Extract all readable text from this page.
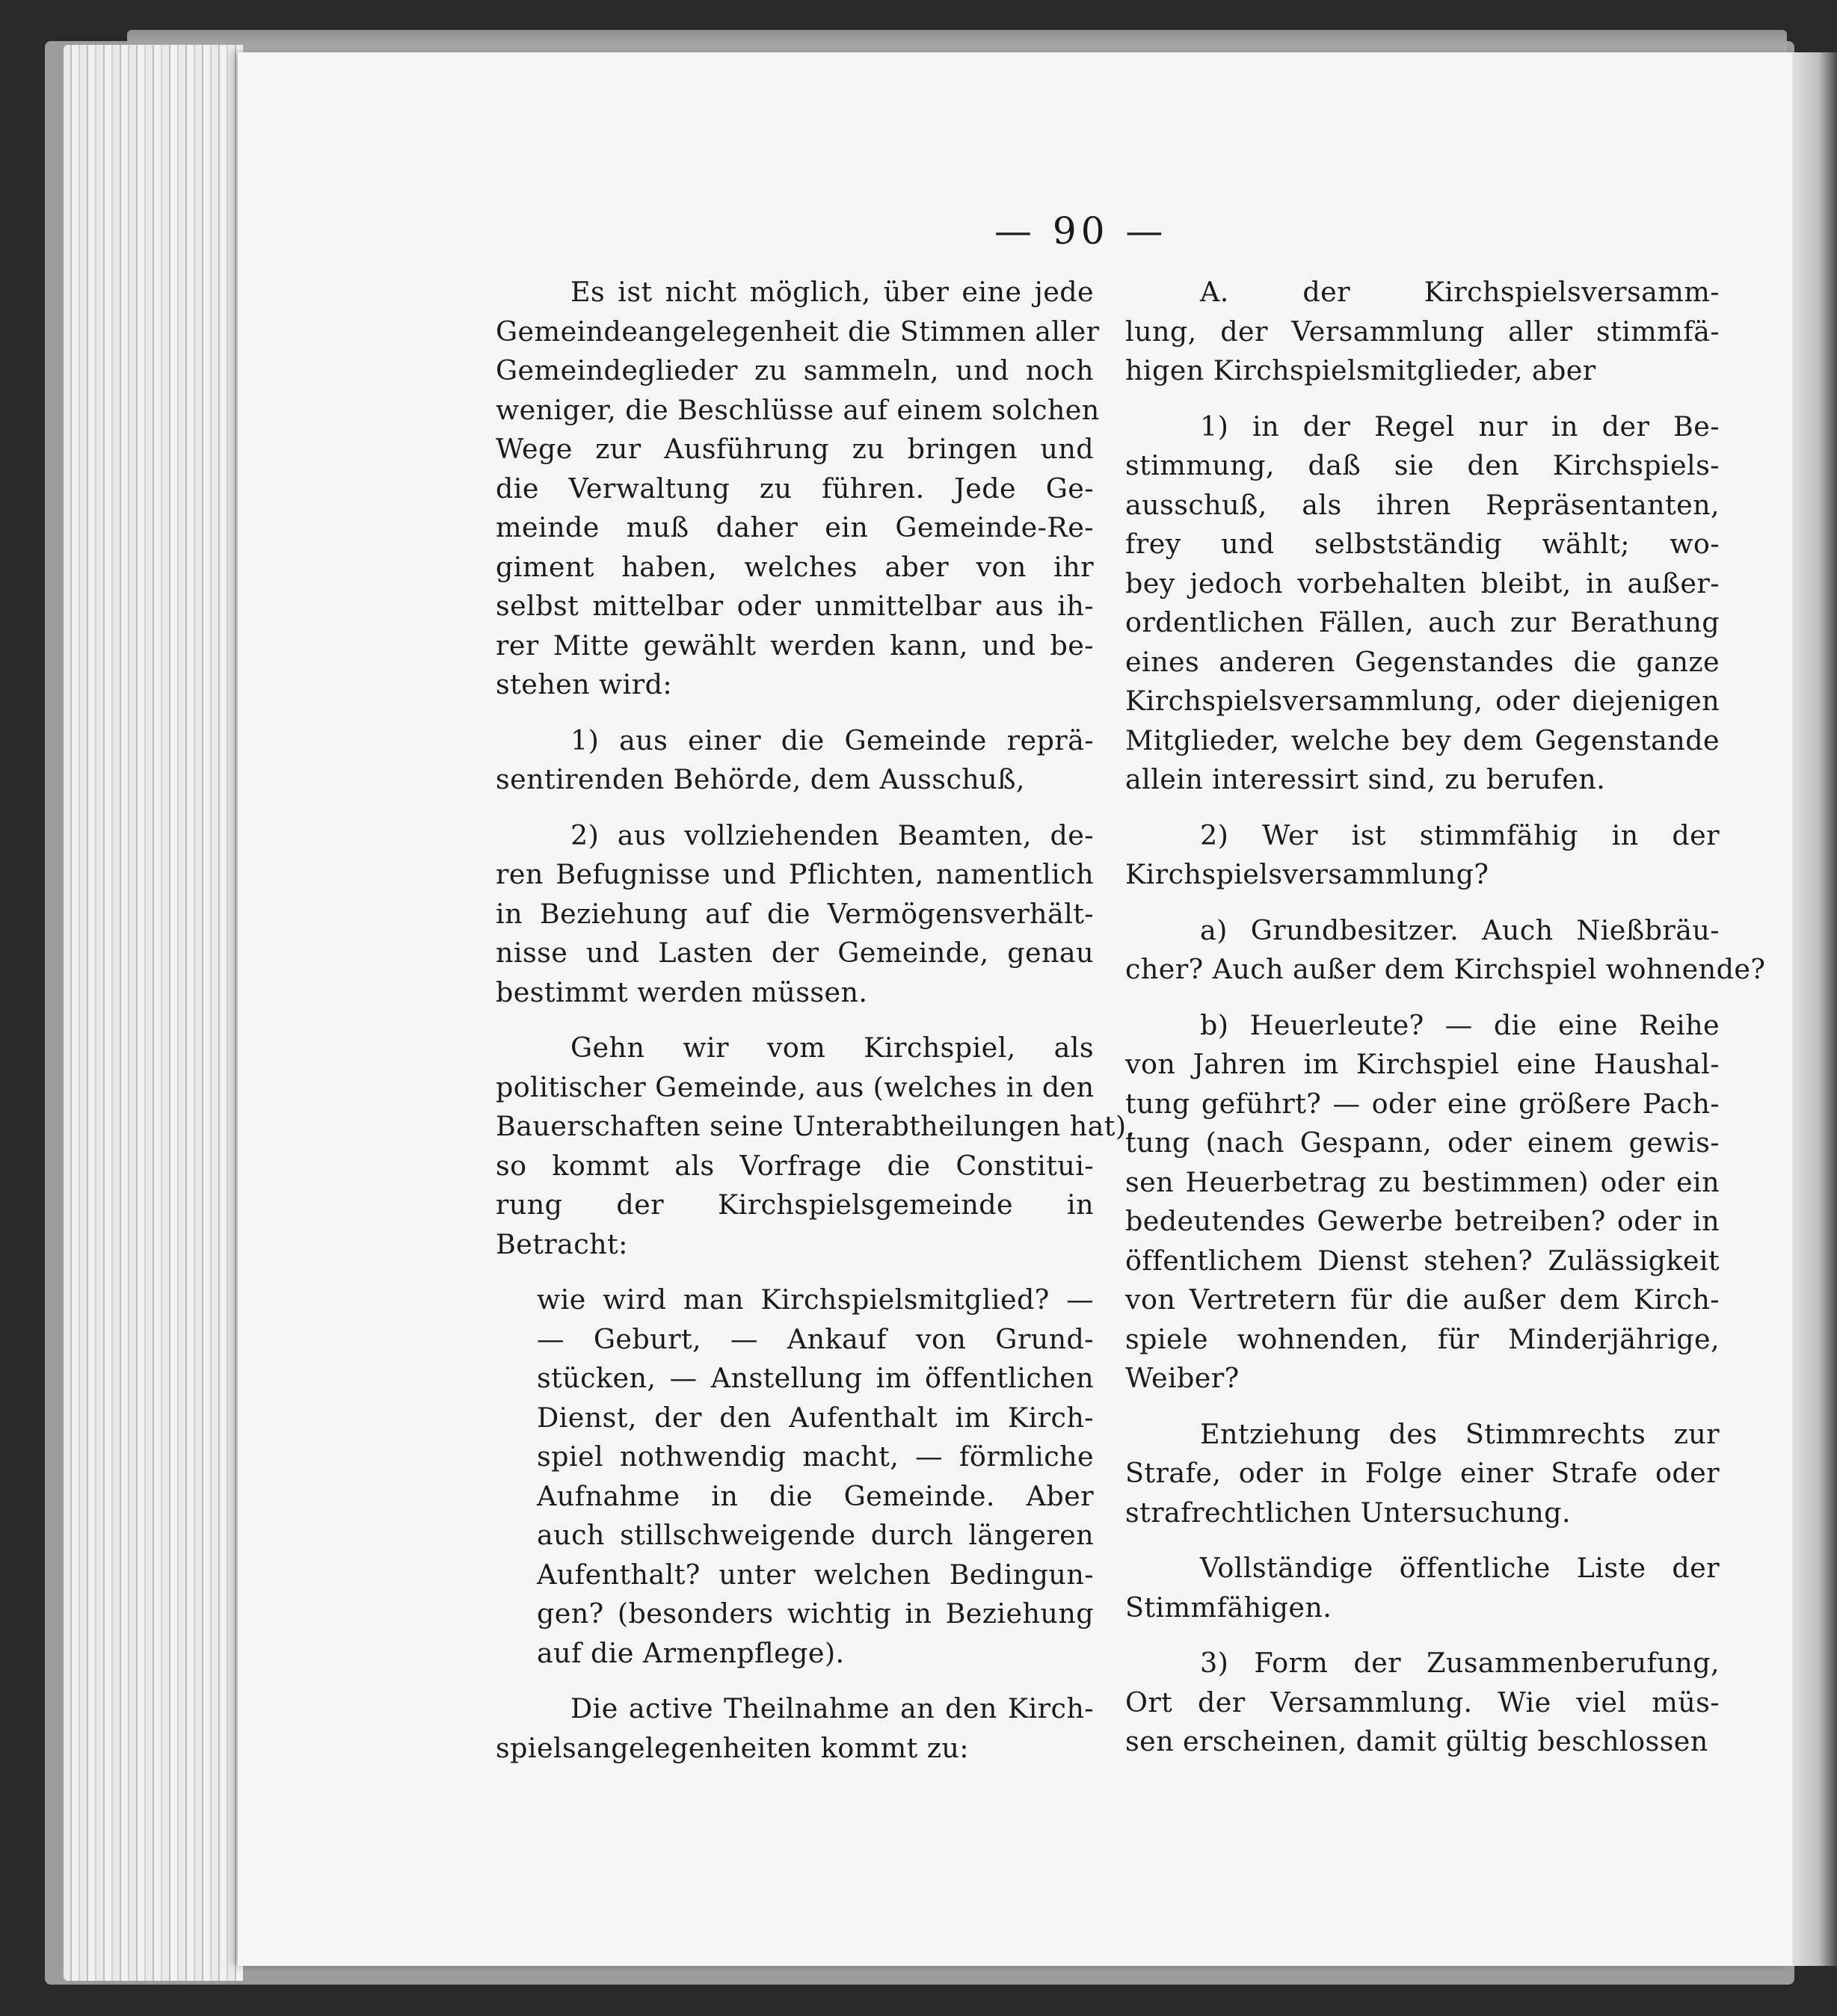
— 90 —
Es ist nicht möglich, über eine jede
Gemeindeangelegenheit die Stimmen aller
Gemeindeglieder zu sammeln, und noch
weniger, die Beschlüsse auf einem solchen
Wege zur Ausführung zu bringen und
die Verwaltung zu führen. Jede Ge-
meinde muß daher ein Gemeinde-Re-
giment haben, welches aber von ihr
selbst mittelbar oder unmittelbar aus ih-
rer Mitte gewählt werden kann, und be-
stehen wird:
1) aus einer die Gemeinde reprä-
sentirenden Behörde, dem Ausschuß,
2) aus vollziehenden Beamten, de-
ren Befugnisse und Pflichten, namentlich
in Beziehung auf die Vermögensverhält-
nisse und Lasten der Gemeinde, genau
bestimmt werden müssen.
Gehn wir vom Kirchspiel, als
politischer Gemeinde, aus (welches in den
Bauerschaften seine Unterabtheilungen hat),
so kommt als Vorfrage die Constitui-
rung der Kirchspielsgemeinde in
Betracht:
wie wird man Kirchspielsmitglied? —
— Geburt, — Ankauf von Grund-
stücken, — Anstellung im öffentlichen
Dienst, der den Aufenthalt im Kirch-
spiel nothwendig macht, — förmliche
Aufnahme in die Gemeinde. Aber
auch stillschweigende durch längeren
Aufenthalt? unter welchen Bedingun-
gen? (besonders wichtig in Beziehung
auf die Armenpflege).
Die active Theilnahme an den Kirch-
spielsangelegenheiten kommt zu:
A. der Kirchspielsversamm-
lung, der Versammlung aller stimmfä-
higen Kirchspielsmitglieder, aber
1) in der Regel nur in der Be-
stimmung, daß sie den Kirchspiels-
ausschuß, als ihren Repräsentanten,
frey und selbstständig wählt; wo-
bey jedoch vorbehalten bleibt, in außer-
ordentlichen Fällen, auch zur Berathung
eines anderen Gegenstandes die ganze
Kirchspielsversammlung, oder diejenigen
Mitglieder, welche bey dem Gegenstande
allein interessirt sind, zu berufen.
2) Wer ist stimmfähig in der
Kirchspielsversammlung?
a) Grundbesitzer. Auch Nießbräu-
cher? Auch außer dem Kirchspiel wohnende?
b) Heuerleute? — die eine Reihe
von Jahren im Kirchspiel eine Haushal-
tung geführt? — oder eine größere Pach-
tung (nach Gespann, oder einem gewis-
sen Heuerbetrag zu bestimmen) oder ein
bedeutendes Gewerbe betreiben? oder in
öffentlichem Dienst stehen? Zulässigkeit
von Vertretern für die außer dem Kirch-
spiele wohnenden, für Minderjährige,
Weiber?
Entziehung des Stimmrechts zur
Strafe, oder in Folge einer Strafe oder
strafrechtlichen Untersuchung.
Vollständige öffentliche Liste der
Stimmfähigen.
3) Form der Zusammenberufung,
Ort der Versammlung. Wie viel müs-
sen erscheinen, damit gültig beschlossen
